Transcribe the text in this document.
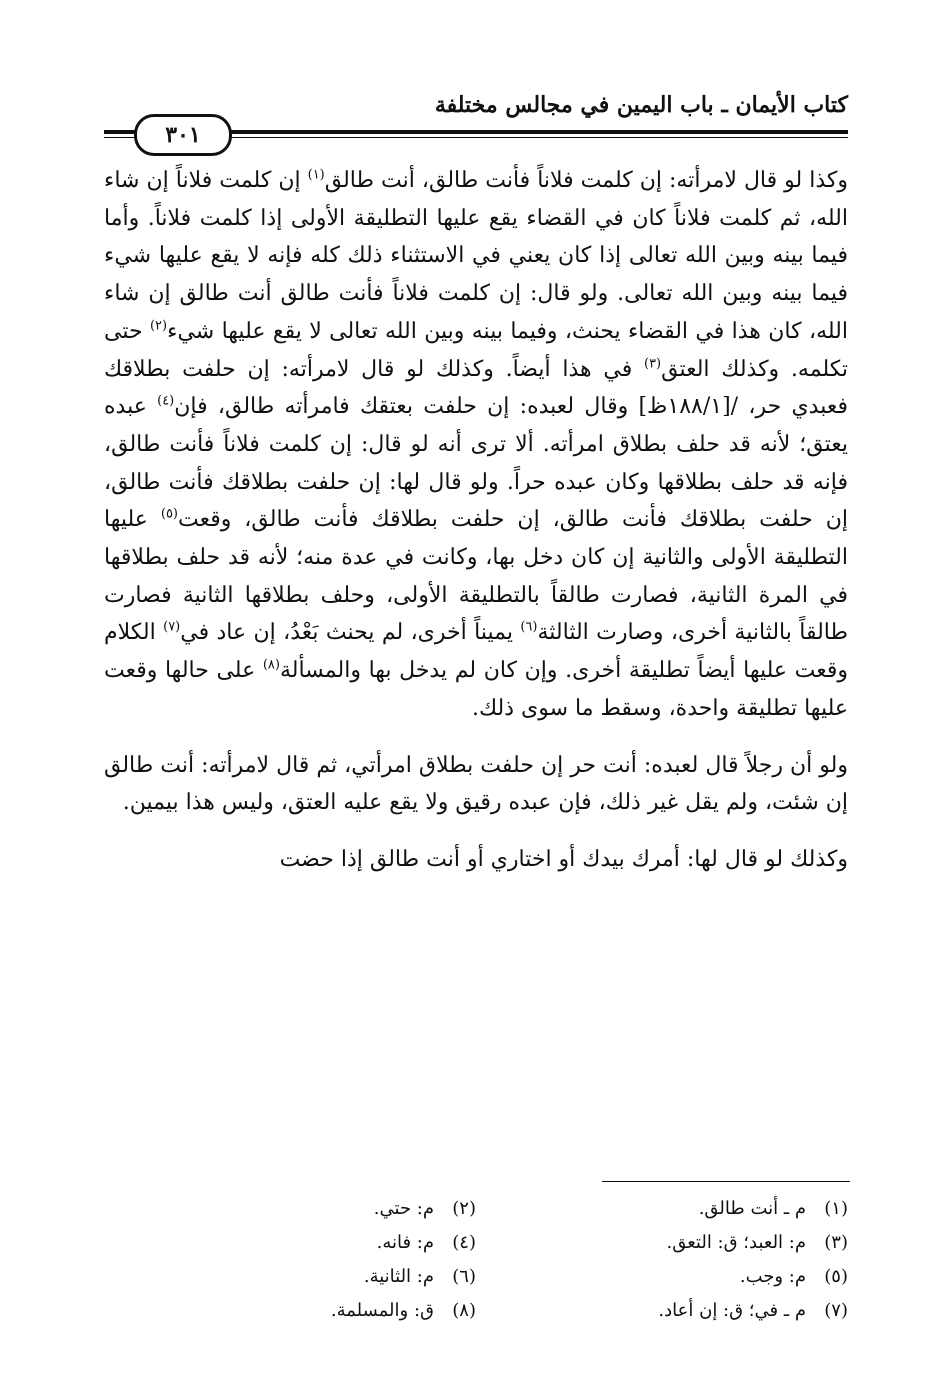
كتاب الأيمان ـ باب اليمين في مجالس مختلفة
٣٠١

وكذا لو قال لامرأته: إن كلمت فلاناً فأنت طالق، أنت طالق$^{(١)}$ إن كلمت فلاناً إن شاء الله، ثم كلمت فلاناً كان في القضاء يقع عليها التطليقة الأولى إذا كلمت فلاناً. وأما فيما بينه وبين الله تعالى إذا كان يعني في الاستثناء ذلك كله فإنه لا يقع عليها شيء فيما بينه وبين الله تعالى. ولو قال: إن كلمت فلاناً فأنت طالق أنت طالق إن شاء الله، كان هذا في القضاء يحنث، وفيما بينه وبين الله تعالى لا يقع عليها شيء$^{(٢)}$ حتى تكلمه. وكذلك العتق$^{(٣)}$ في هذا أيضاً. وكذلك لو قال لامرأته: إن حلفت بطلاقك فعبدي حر، /[١٨٨/١ظ] وقال لعبده: إن حلفت بعتقك فامرأته طالق، فإن$^{(٤)}$ عبده يعتق؛ لأنه قد حلف بطلاق امرأته. ألا ترى أنه لو قال: إن كلمت فلاناً فأنت طالق، فإنه قد حلف بطلاقها وكان عبده حراً. ولو قال لها: إن حلفت بطلاقك فأنت طالق، إن حلفت بطلاقك فأنت طالق، إن حلفت بطلاقك فأنت طالق، وقعت$^{(٥)}$ عليها التطليقة الأولى والثانية إن كان دخل بها، وكانت في عدة منه؛ لأنه قد حلف بطلاقها في المرة الثانية، فصارت طالقاً بالتطليقة الأولى، وحلف بطلاقها الثانية فصارت طالقاً بالثانية أخرى، وصارت الثالثة$^{(٦)}$ يميناً أخرى، لم يحنث بَعْدُ، إن عاد في$^{(٧)}$ الكلام وقعت عليها أيضاً تطليقة أخرى. وإن كان لم يدخل بها والمسألة$^{(٨)}$ على حالها وقعت عليها تطليقة واحدة، وسقط ما سوى ذلك.

ولو أن رجلاً قال لعبده: أنت حر إن حلفت بطلاق امرأتي، ثم قال لامرأته: أنت طالق إن شئت، ولم يقل غير ذلك، فإن عبده رقيق ولا يقع عليه العتق، وليس هذا بيمين.

وكذلك لو قال لها: أمرك بيدك أو اختاري أو أنت طالق إذا حضت

(١)م ـ أنت طالق.
(٢)م: حتي.
(٣)م: العبد؛ ق: التعق.
(٤)م: فانه.
(٥)م: وجب.
(٦)م: الثانية.
(٧)م ـ في؛ ق: إن أعاد.
(٨)ق: والمسلمة.
